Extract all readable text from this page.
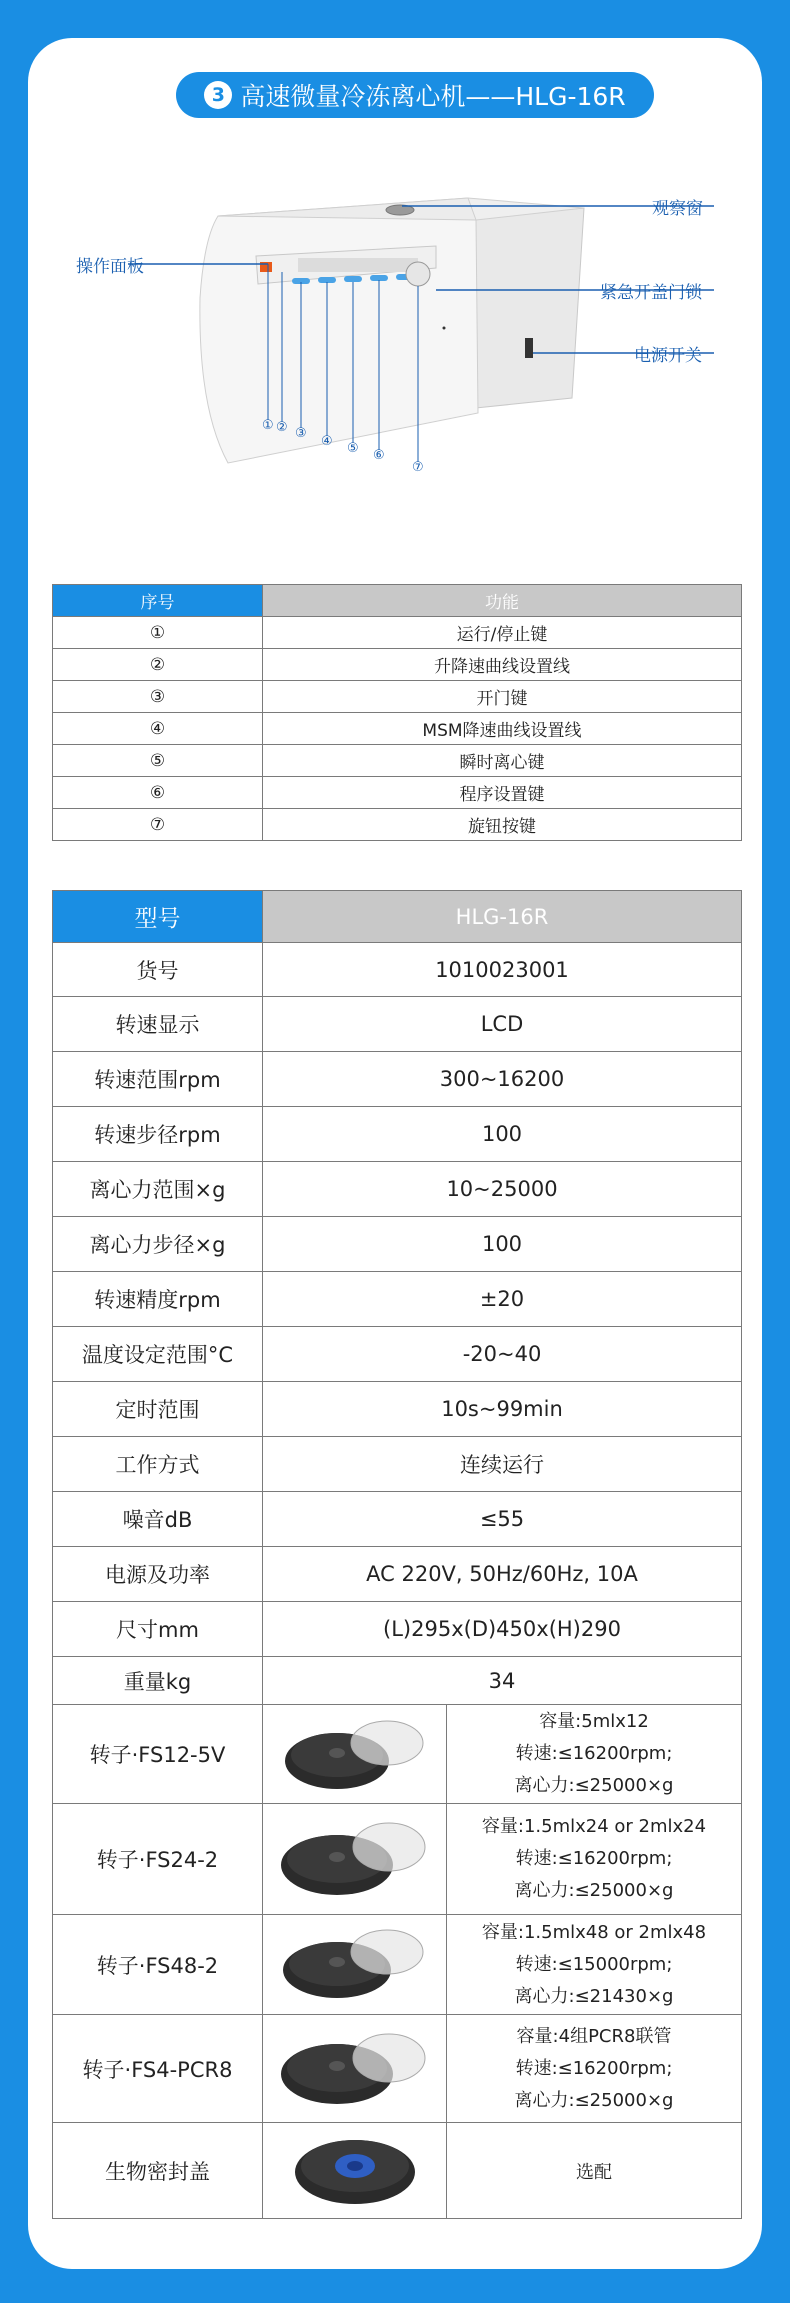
3 高速微量冷冻离心机——HLG-16R
观察窗
操作面板
紧急开盖门锁
电源开关
① ② ③
④ ⑤ ⑥
⑦
序号	功能
①	运行/停止键
②	升降速曲线设置线
③	开门键
④	MSM降速曲线设置线
⑤	瞬时离心键
⑥	程序设置键
⑦	旋钮按键
型号	HLG-16R	
货号	1010023001	
转速显示	LCD	
转速范围rpm	300~16200	
转速步径rpm	100	
离心力范围×g	10~25000	
离心力步径×g	100	
转速精度rpm	±20	
温度设定范围°C	-20~40	
定时范围	10s~99min	
工作方式	连续运行	
噪音dB	≤55	
电源及功率	AC 220V, 50Hz/60Hz, 10A	
尺寸mm	(L)295x(D)450x(H)290	
重量kg	34	
转子·FS12-5V		容量:5mlx12
转速:≤16200rpm;
离心力:≤25000×g

转子·FS24-2		容量:1.5mlx24 or 2mlx24
转速:≤16200rpm;
离心力:≤25000×g

转子·FS48-2		容量:1.5mlx48 or 2mlx48
转速:≤15000rpm;
离心力:≤21430×g

转子·FS4-PCR8		容量:4组PCR8联管
转速:≤16200rpm;
离心力:≤25000×g

生物密封盖		选配
